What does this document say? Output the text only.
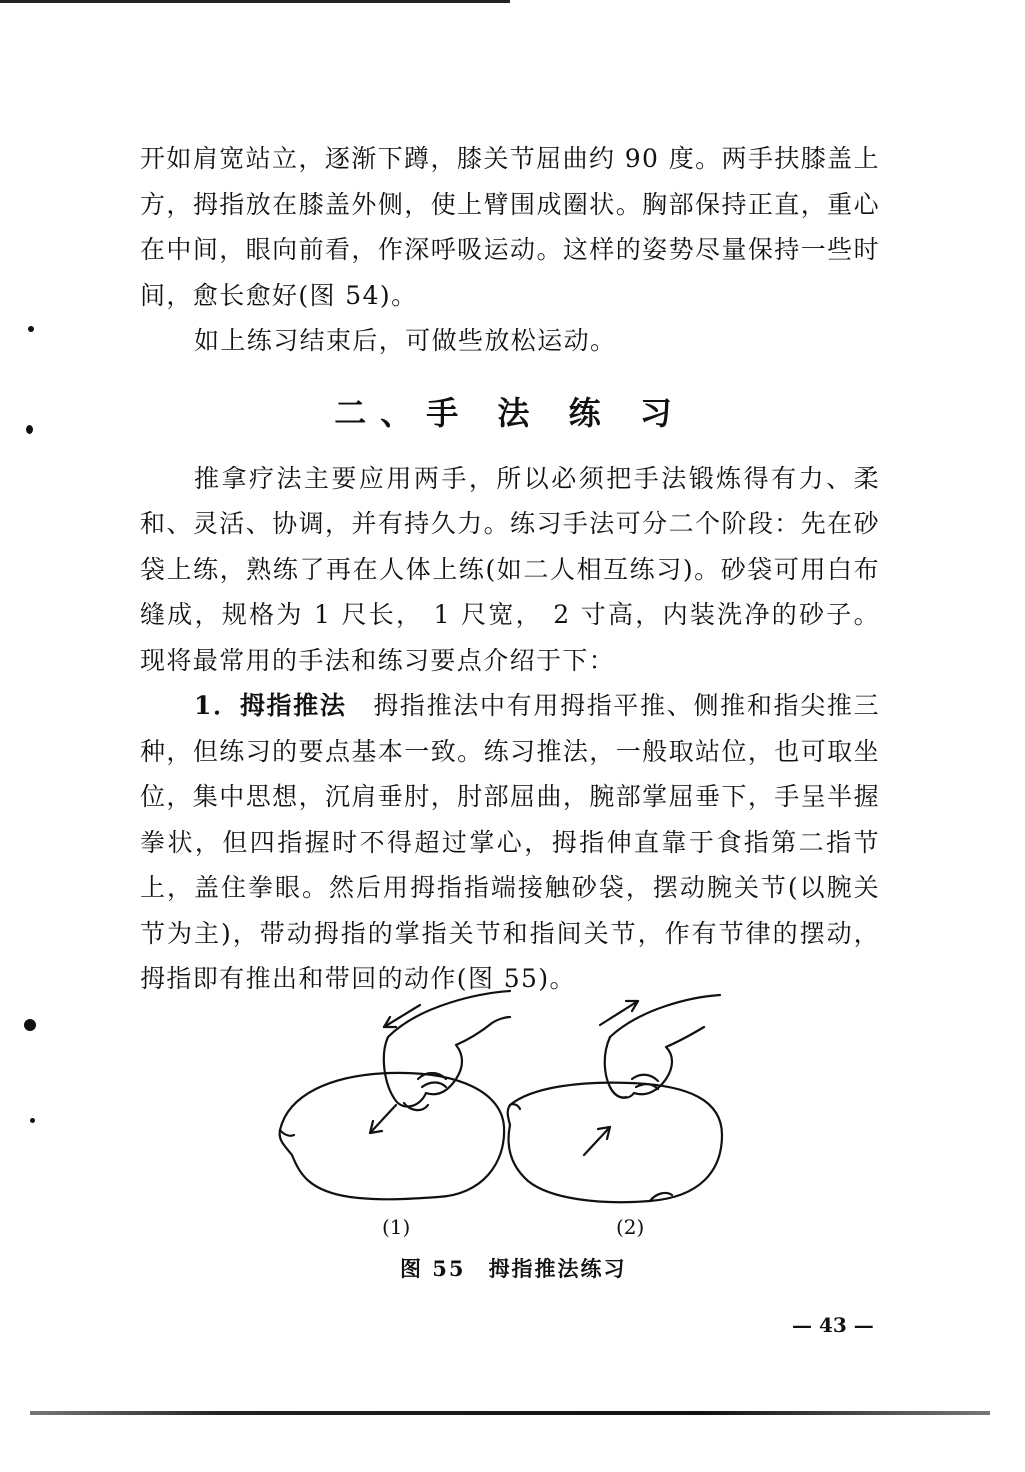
开如肩宽站立，逐渐下蹲，膝关节屈曲约 90 度。两手扶膝盖上方，拇指放在膝盖外侧，使上臂围成圈状。胸部保持正直，重心在中间，眼向前看，作深呼吸运动。这样的姿势尽量保持一些时间，愈长愈好(图 54)。

如上练习结束后，可做些放松运动。

二、手 法 练 习

推拿疗法主要应用两手，所以必须把手法锻炼得有力、柔和、灵活、协调，并有持久力。练习手法可分二个阶段：先在砂袋上练，熟练了再在人体上练(如二人相互练习)。砂袋可用白布缝成，规格为 1 尺长， 1 尺宽， 2 寸高，内装洗净的砂子。现将最常用的手法和练习要点介绍于下：

1．拇指推法　 拇指推法中有用拇指平推、侧推和指尖推三种，但练习的要点基本一致。练习推法，一般取站位，也可取坐位，集中思想，沉肩垂肘，肘部屈曲，腕部掌屈垂下，手呈半握拳状，但四指握时不得超过掌心，拇指伸直靠于食指第二指节上，盖住拳眼。然后用拇指指端接触砂袋，摆动腕关节(以腕关节为主)，带动拇指的掌指关节和指间关节，作有节律的摆动，拇指即有推出和带回的动作(图 55)。

(1)	(2)
图 55　拇指推法练习
— 43 —
